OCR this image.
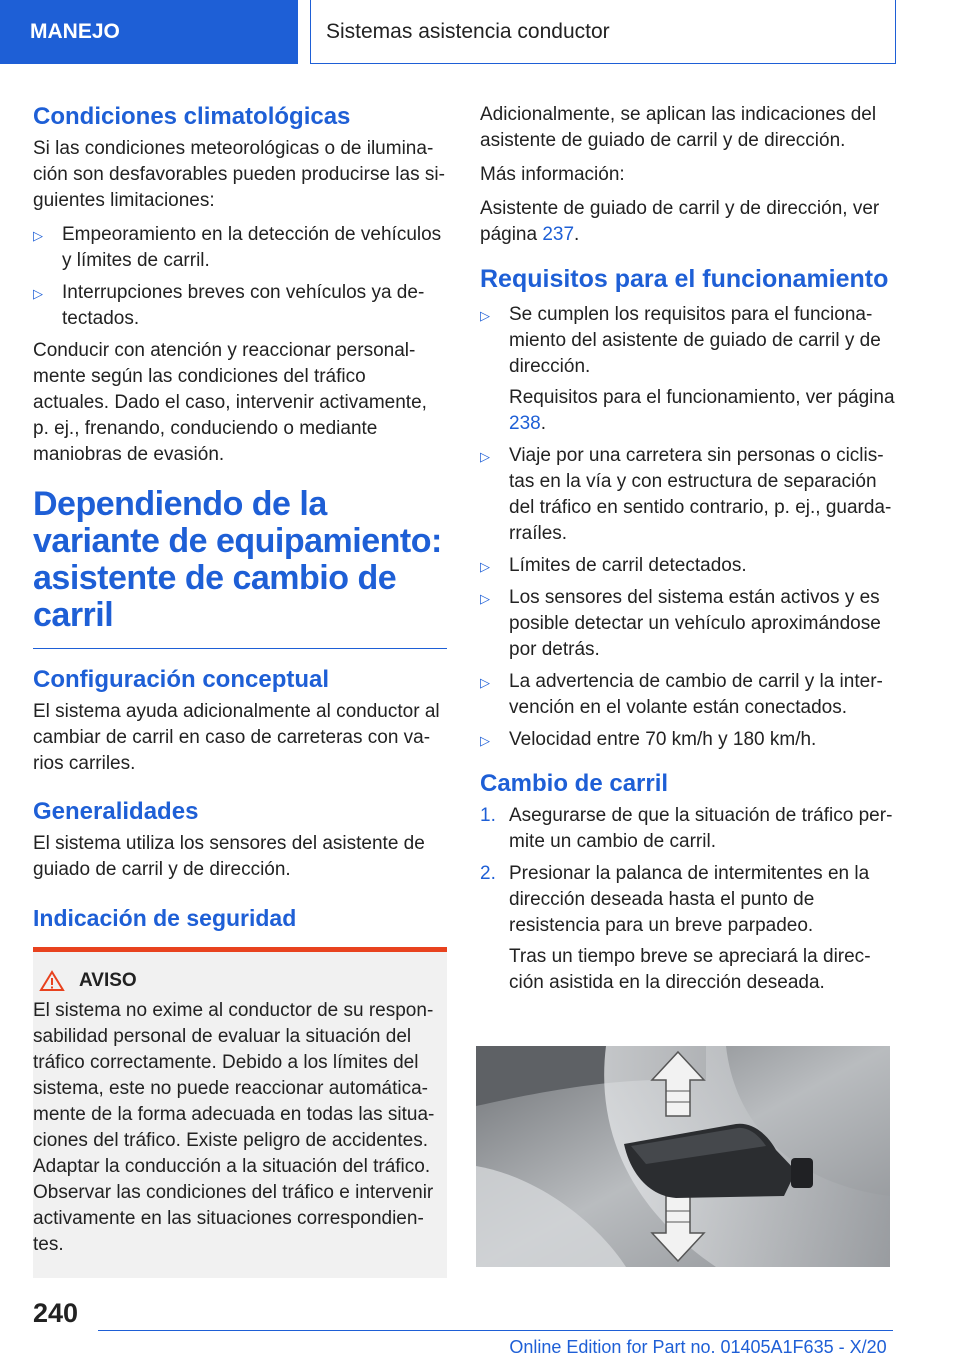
MANEJO	Sistemas asistencia conductor
Condiciones climatológicas

Si las condiciones meteorológicas o de iluminación son desfavorables pueden producirse las siguientes limitaciones:

▷ Empeoramiento en la detección de vehículos y límites de carril.
▷ Interrupciones breves con vehículos ya detectados.

Conducir con atención y reaccionar personalmente según las condiciones del tráfico actuales. Dado el caso, intervenir activamente, p. ej., frenando, conduciendo o mediante maniobras de evasión.

Dependiendo de la variante de equipamiento: asistente de cambio de carril
Configuración conceptual

El sistema ayuda adicionalmente al conductor al cambiar de carril en caso de carreteras con varios carriles.

Generalidades

El sistema utiliza los sensores del asistente de guiado de carril y de dirección.

Indicación de seguridad
AVISO

El sistema no exime al conductor de su responsabilidad personal de evaluar la situación del tráfico correctamente. Debido a los límites del sistema, este no puede reaccionar automáticamente de la forma adecuada en todas las situaciones del tráfico. Existe peligro de accidentes. Adaptar la conducción a la situación del tráfico. Observar las condiciones del tráfico e intervenir activamente en las situaciones correspondientes.

Adicionalmente, se aplican las indicaciones del asistente de guiado de carril y de dirección.

Más información:

Asistente de guiado de carril y de dirección, ver página 237.

Requisitos para el funcionamiento
▷ Se cumplen los requisitos para el funcionamiento del asistente de guiado de carril y de dirección.
Requisitos para el funcionamiento, ver página 238.
▷ Viaje por una carretera sin personas o ciclistas en la vía y con estructura de separación del tráfico en sentido contrario, p. ej., guardarraíles.
▷ Límites de carril detectados.
▷ Los sensores del sistema están activos y es posible detectar un vehículo aproximándose por detrás.
▷ La advertencia de cambio de carril y la intervención en el volante están conectados.
▷ Velocidad entre 70 km/h y 180 km/h.
Cambio de carril
1. Asegurarse de que la situación de tráfico permite un cambio de carril.
2. Presionar la palanca de intermitentes en la dirección deseada hasta el punto de resistencia para un breve parpadeo.
Tras un tiempo breve se apreciará la dirección asistida en la dirección deseada.
240
Online Edition for Part no. 01405A1F635 - X/20
